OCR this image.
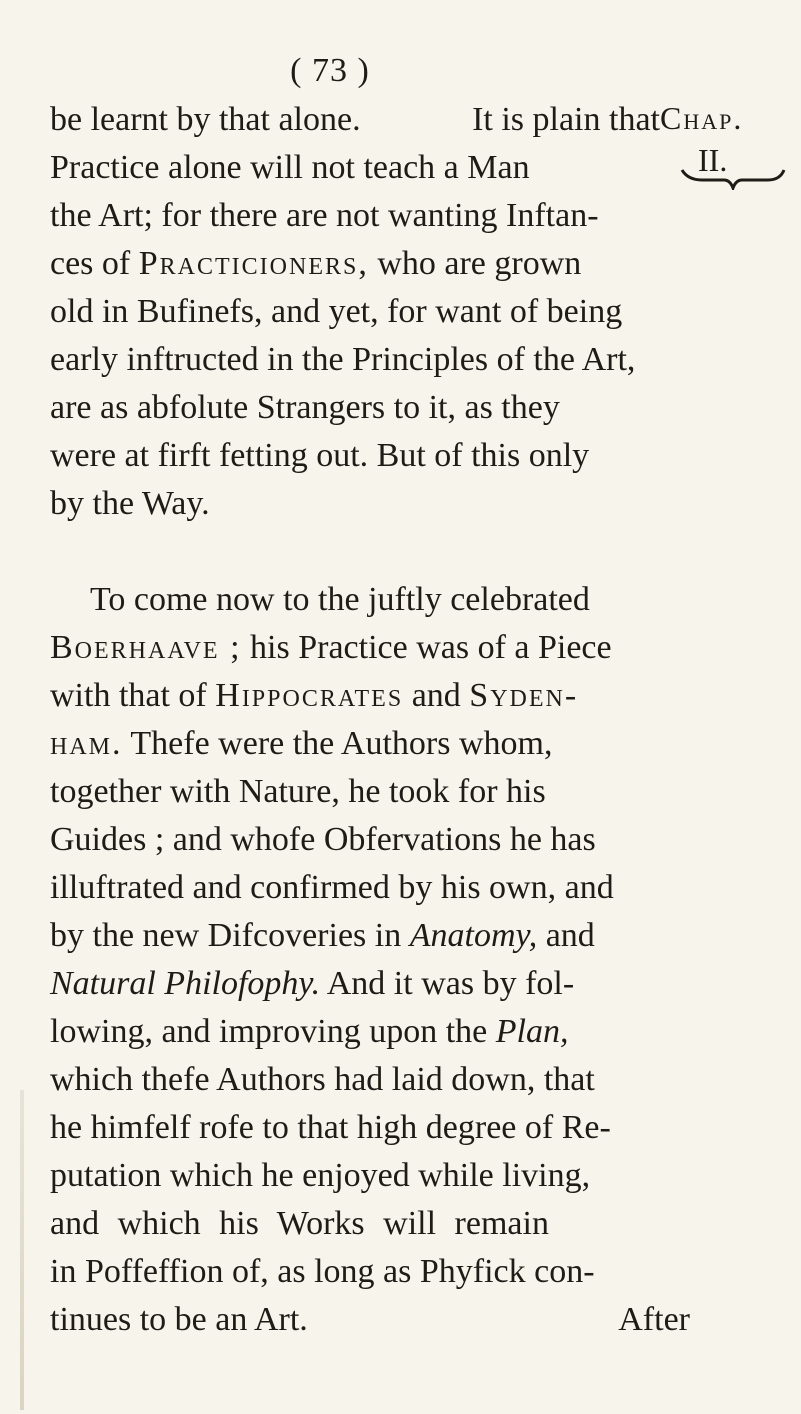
( 73 )
Chap.
II.
be learnt by that alone.	It is plain that
Practice alone will not teach a Man
the Art; for there are not wanting Inftan-
ces of Practicioners, who are grown
old in Bufinefs, and yet, for want of being
early inftructed in the Principles of the Art,
are as abfolute Strangers to it, as they
were at firft fetting out. But of this only
by the Way.
To come now to the juftly celebrated
Boerhaave ; his Practice was of a Piece
with that of Hippocrates and Syden-
ham. Thefe were the Authors whom,
together with Nature, he took for his
Guides ; and whofe Obfervations he has
illuftrated and confirmed by his own, and
by the new Difcoveries in Anatomy, and
Natural Philofophy. And it was by fol-
lowing, and improving upon the Plan,
which thefe Authors had laid down, that
he himfelf rofe to that high degree of Re-
putation which he enjoyed while living,
and which his Works will remain
in Poffeffion of, as long as Phyfick con-
tinues to be an Art.	After
